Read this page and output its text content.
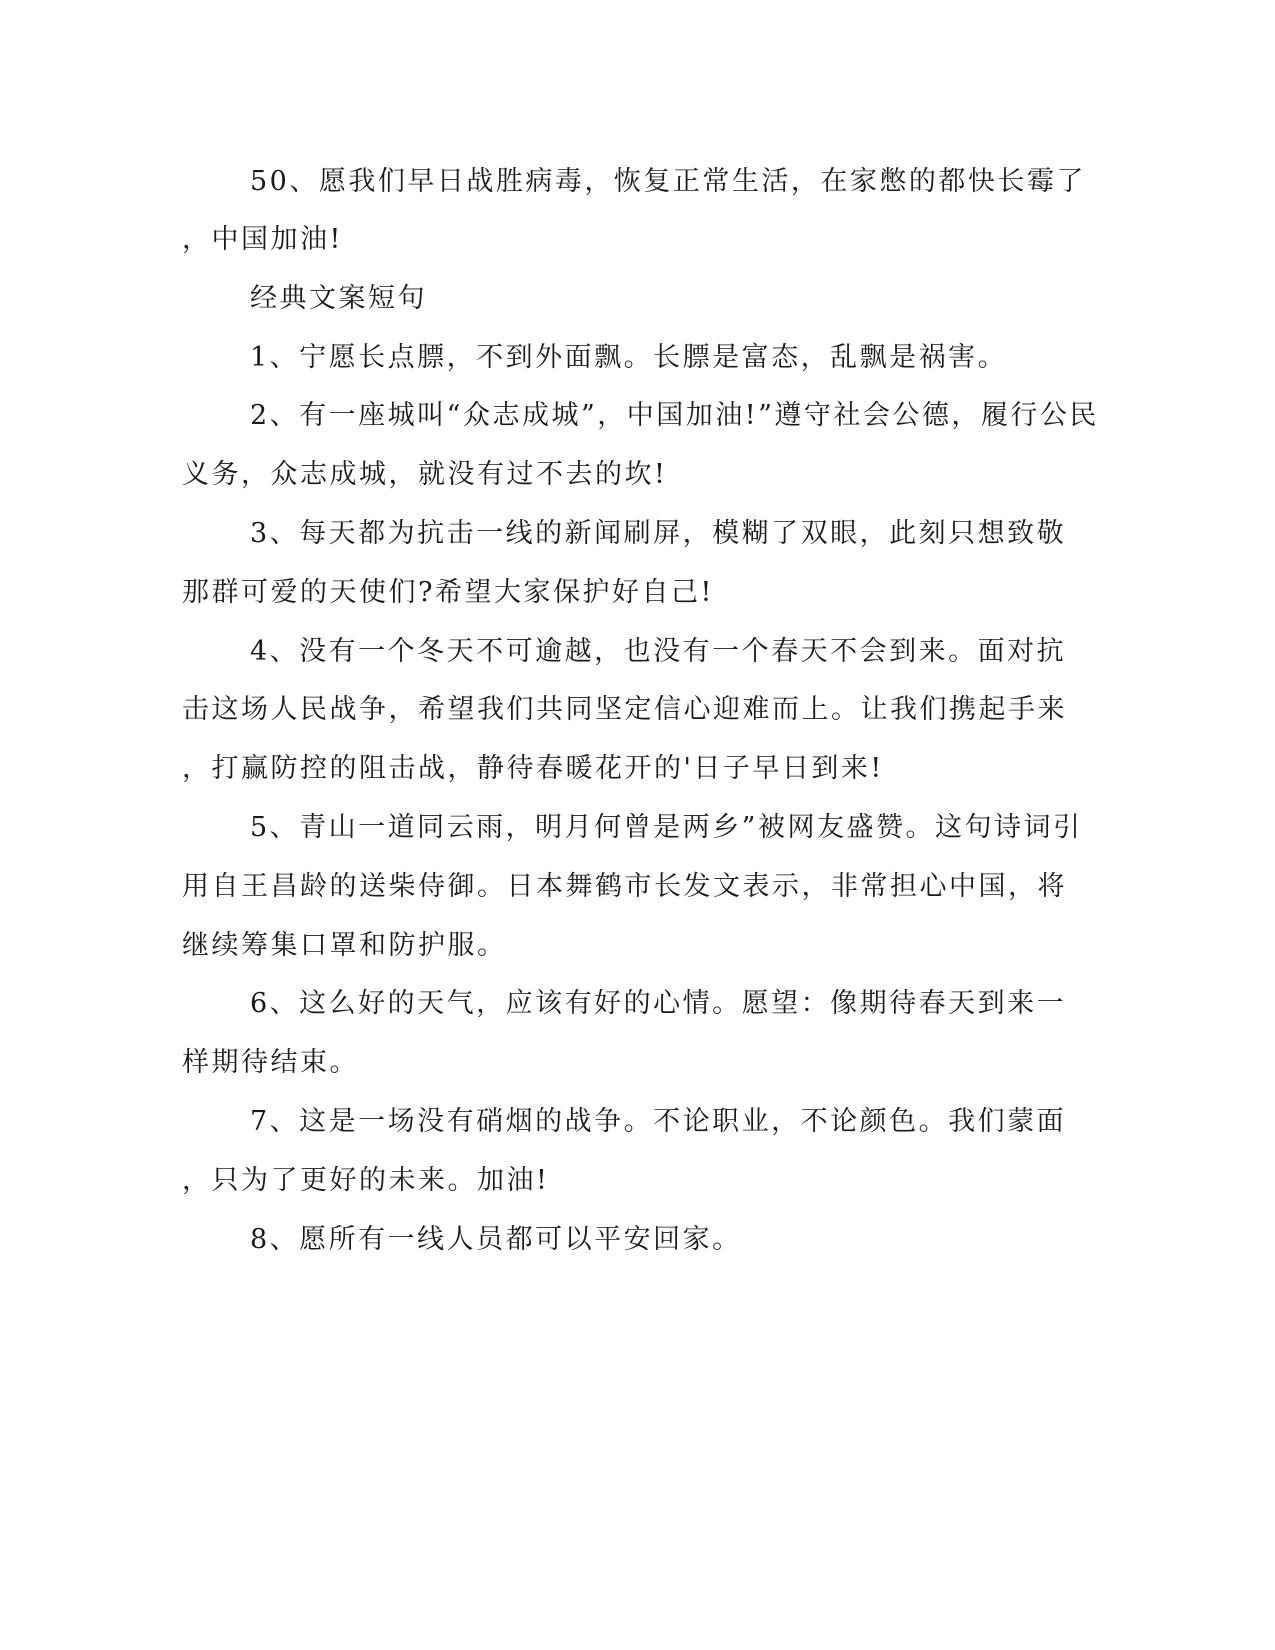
50、愿我们早日战胜病毒，恢复正常生活，在家憋的都快长霉了

，中国加油!

经典文案短句

1、宁愿长点膘，不到外面飘。长膘是富态，乱飘是祸害。

2、有一座城叫“众志成城”，中国加油!”遵守社会公德，履行公民

义务，众志成城，就没有过不去的坎!

3、每天都为抗击一线的新闻刷屏，模糊了双眼，此刻只想致敬

那群可爱的天使们?希望大家保护好自己!

4、没有一个冬天不可逾越，也没有一个春天不会到来。面对抗

击这场人民战争，希望我们共同坚定信心迎难而上。让我们携起手来

，打赢防控的阻击战，静待春暖花开的'日子早日到来!

5、青山一道同云雨，明月何曾是两乡”被网友盛赞。这句诗词引

用自王昌龄的送柴侍御。日本舞鹤市长发文表示，非常担心中国，将

继续筹集口罩和防护服。

6、这么好的天气，应该有好的心情。愿望：像期待春天到来一

样期待结束。

7、这是一场没有硝烟的战争。不论职业，不论颜色。我们蒙面

，只为了更好的未来。加油!

8、愿所有一线人员都可以平安回家。
